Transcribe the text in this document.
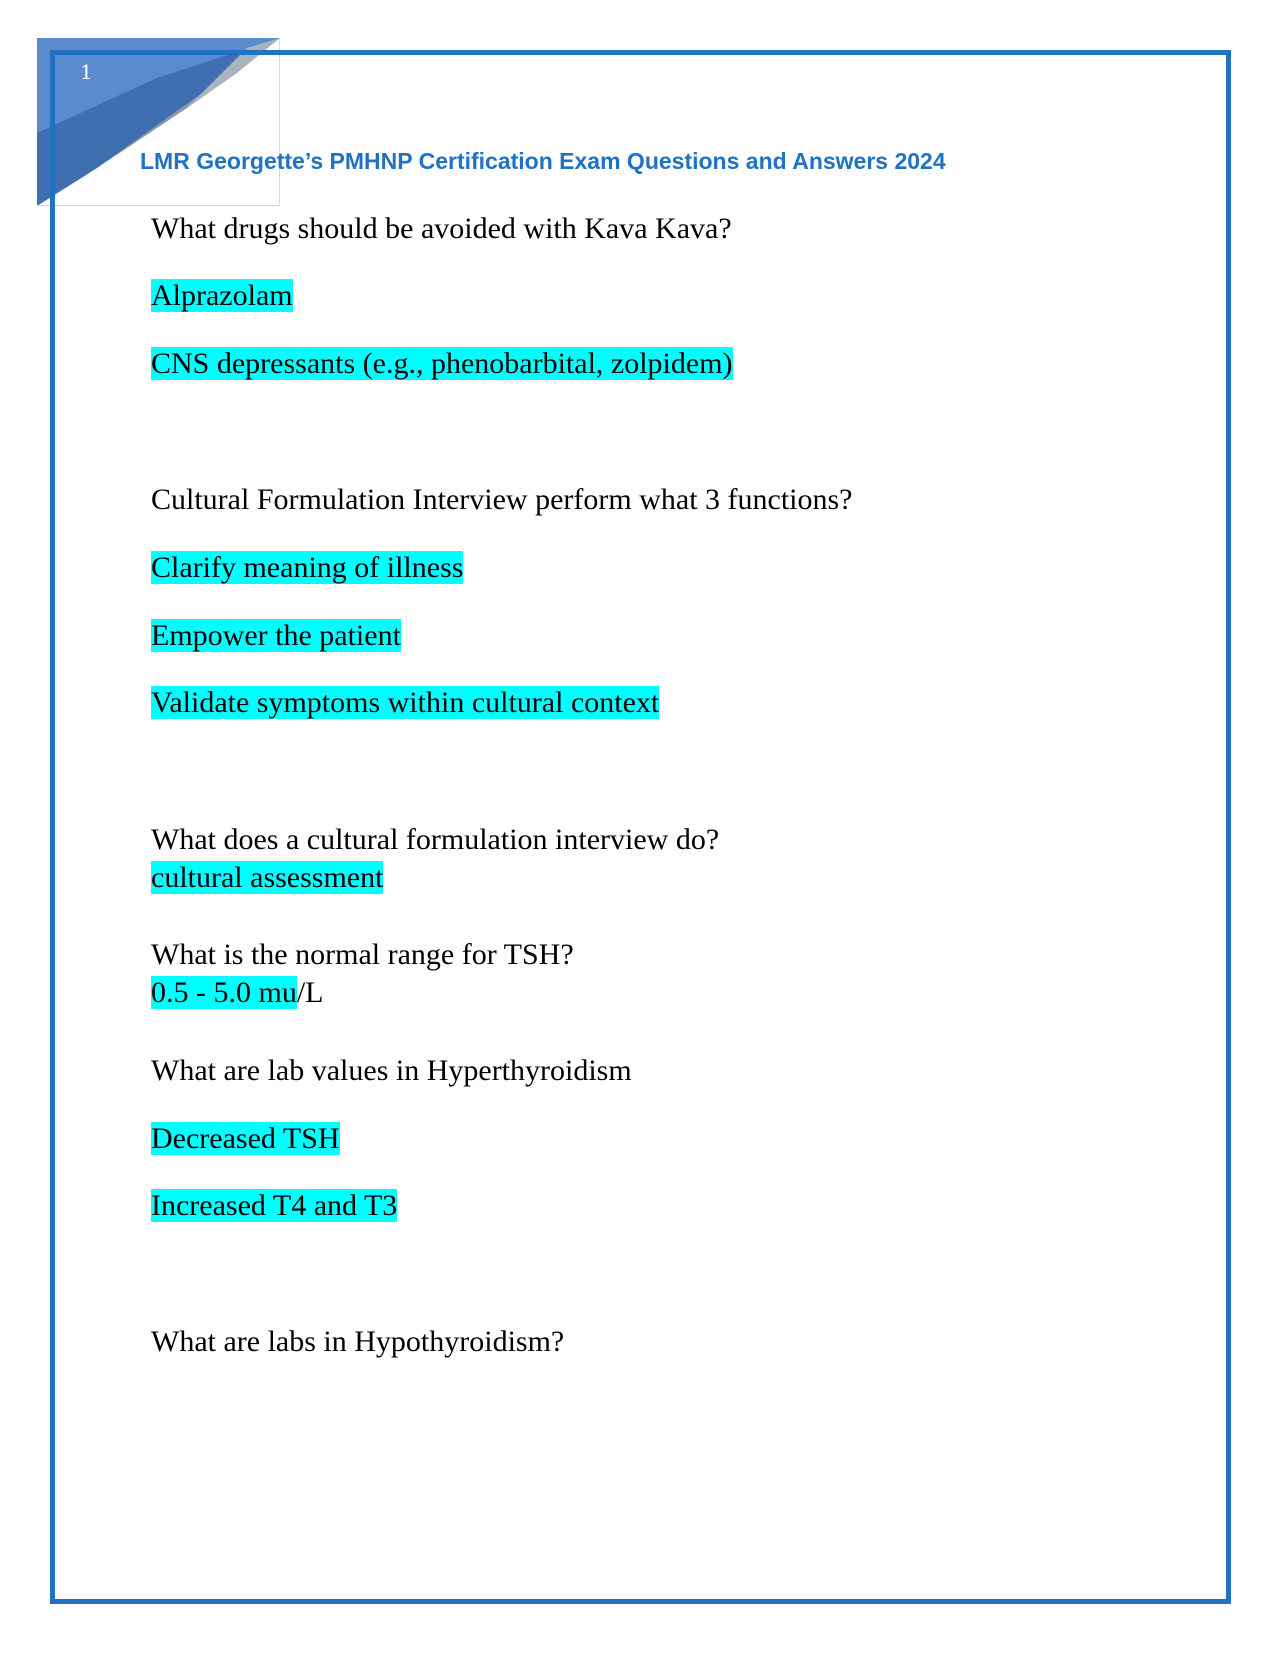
1
LMR Georgette’s PMHNP Certification Exam Questions and Answers 2024
What drugs should be avoided with Kava Kava?
Alprazolam
CNS depressants (e.g., phenobarbital, zolpidem)
Cultural Formulation Interview perform what 3 functions?
Clarify meaning of illness
Empower the patient
Validate symptoms within cultural context
What does a cultural formulation interview do?
cultural assessment
What is the normal range for TSH?
0.5 - 5.0 mu/L
What are lab values in Hyperthyroidism
Decreased TSH
Increased T4 and T3
What are labs in Hypothyroidism?
